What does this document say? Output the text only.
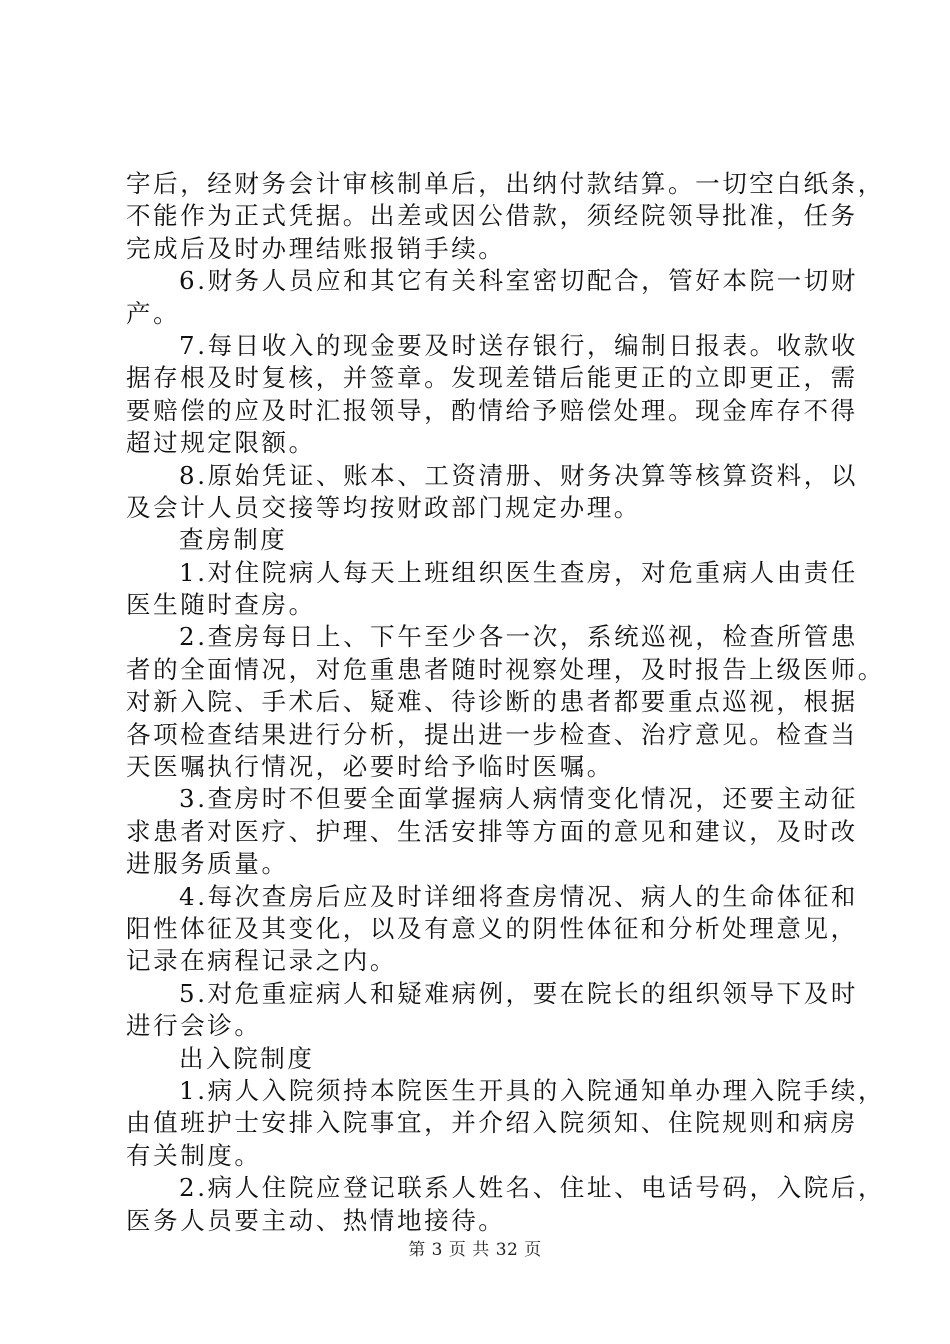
字后，经财务会计审核制单后，出纳付款结算。一切空白纸条，
不能作为正式凭据。出差或因公借款，须经院领导批准，任务
完成后及时办理结账报销手续。
6.财务人员应和其它有关科室密切配合，管好本院一切财
产。
7.每日收入的现金要及时送存银行，编制日报表。收款收
据存根及时复核，并签章。发现差错后能更正的立即更正，需
要赔偿的应及时汇报领导，酌情给予赔偿处理。现金库存不得
超过规定限额。
8.原始凭证、账本、工资清册、财务决算等核算资料，以
及会计人员交接等均按财政部门规定办理。
查房制度
1.对住院病人每天上班组织医生查房，对危重病人由责任
医生随时查房。
2.查房每日上、下午至少各一次，系统巡视，检查所管患
者的全面情况，对危重患者随时视察处理，及时报告上级医师。
对新入院、手术后、疑难、待诊断的患者都要重点巡视，根据
各项检查结果进行分析，提出进一步检查、治疗意见。检查当
天医嘱执行情况，必要时给予临时医嘱。
3.查房时不但要全面掌握病人病情变化情况，还要主动征
求患者对医疗、护理、生活安排等方面的意见和建议，及时改
进服务质量。
4.每次查房后应及时详细将查房情况、病人的生命体征和
阳性体征及其变化，以及有意义的阴性体征和分析处理意见，
记录在病程记录之内。
5.对危重症病人和疑难病例，要在院长的组织领导下及时
进行会诊。
出入院制度
1.病人入院须持本院医生开具的入院通知单办理入院手续，
由值班护士安排入院事宜，并介绍入院须知、住院规则和病房
有关制度。
2.病人住院应登记联系人姓名、住址、电话号码，入院后，
医务人员要主动、热情地接待。
第 3 页 共 32 页
